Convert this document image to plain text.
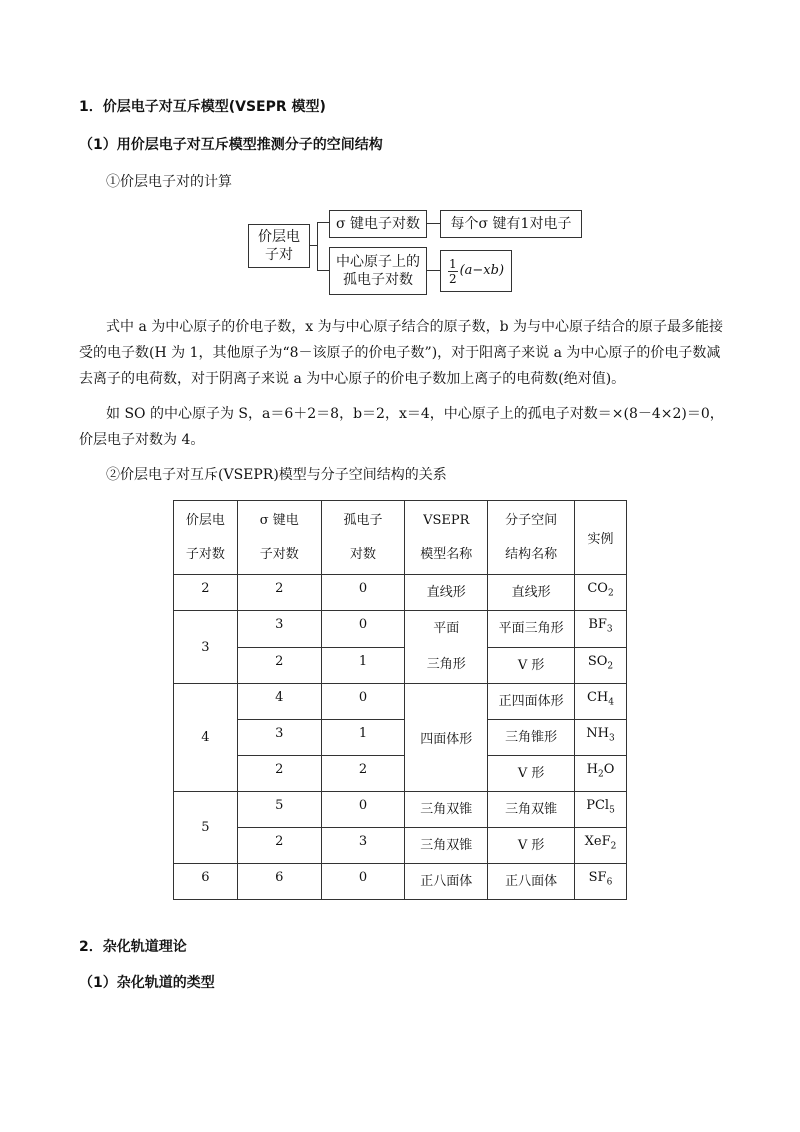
1．价层电子对互斥模型(VSEPR 模型)
（1）用价层电子对互斥模型推测分子的空间结构
①价层电子对的计算
价层电
子对
σ 键电子对数 每个σ 键有1对电子
中心原子上的
孤电子对数	$\frac{1}{2} (a-xb)$
式中 a 为中心原子的价电子数，x 为与中心原子结合的原子数，b 为与中心原子结合的原子最多能接受的电子数(H 为 1，其他原子为“8－该原子的价电子数”)，对于阳离子来说 a 为中心原子的价电子数减去离子的电荷数，对于阴离子来说 a 为中心原子的价电子数加上离子的电荷数(绝对值)。
如 SO 的中心原子为 S，a＝6＋2＝8，b＝2，x＝4，中心原子上的孤电子对数＝×(8－4×2)＝0，价层电子对数为 4。
②价层电子对互斥(VSEPR)模型与分子空间结构的关系
价层电
子对数	σ 键电
子对数	孤电子
对数	VSEPR
模型名称	分子空间
结构名称	实例
2	2	0	直线形	直线形	$CO_2$
3	3	0	平面
三角形	平面三角形	$BF_3$
	2	1		V 形	$SO_2$
4	4	0	四面体形	正四面体形	$CH_4$
	3	1		三角锥形	$NH_3$
	2	2		V 形	$H_2O$
5	5	0	三角双锥	三角双锥	PCl$_5$
	2	3	三角双锥	V 形	XeF$_2$
6	6	0	正八面体	正八面体	$SF_6$
2．杂化轨道理论
（1）杂化轨道的类型
